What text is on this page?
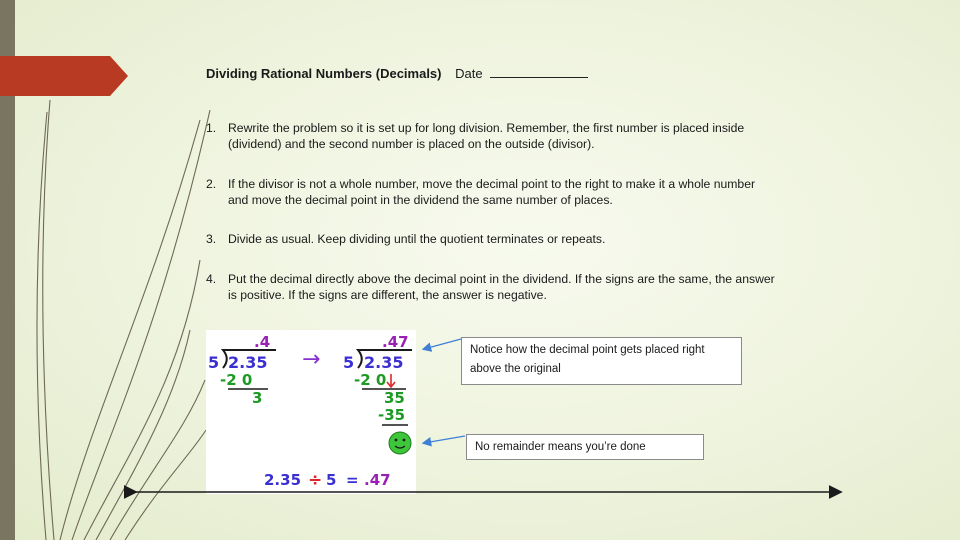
Dividing Rational Numbers (Decimals) Date
1. Rewrite the problem so it is set up for long division. Remember, the first number is placed inside (dividend) and the second number is placed on the outside (divisor).
2. If the divisor is not a whole number, move the decimal point to the right to make it a whole number and move the decimal point in the dividend the same number of places.
3. Divide as usual. Keep dividing until the quotient terminates or repeats.
4. Put the decimal directly above the decimal point in the dividend. If the signs are the same, the answer is positive. If the signs are different, the answer is negative.
.4
5 2.35
-2 0
3
→
.47
5 2.35
-2 0
35
-35
2.35 ÷ 5 = .47
Notice how the decimal point gets placed right above the original
No remainder means you’re done
